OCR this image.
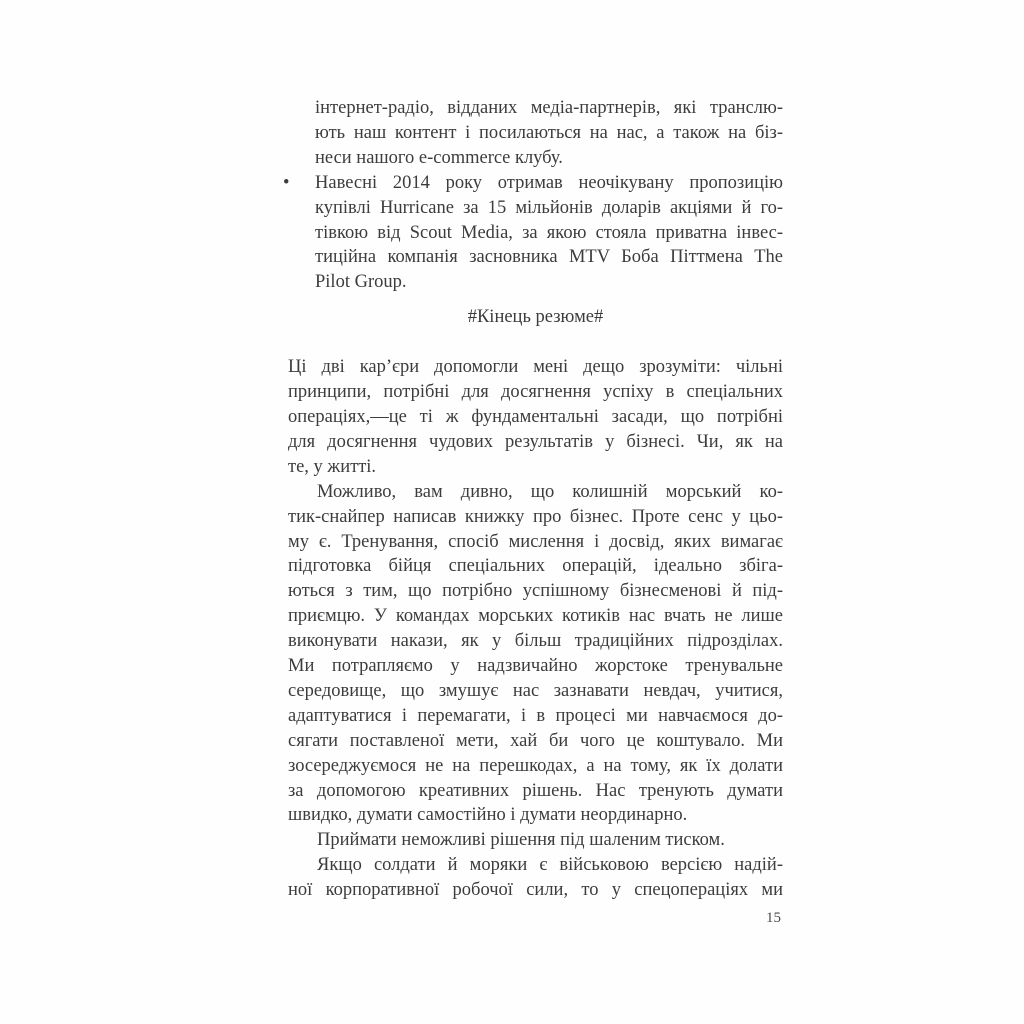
інтернет-радіо, відданих медіа-партнерів, які транслю-
ють наш контент і посилаються на нас, а також на біз-
неси нашого e-commerce клубу.
•	Навесні 2014 року отримав неочікувану пропозицію
купівлі Hurricane за 15 мільйонів доларів акціями й го-
тівкою від Scout Media, за якою стояла приватна інвес-
тиційна компанія засновника MTV Боба Піттмена The
Pilot Group.
#Кінець резюме#
Ці дві кар’єри допомогли мені дещо зрозуміти: чільні
принципи, потрібні для досягнення успіху в спеціальних
операціях,—це ті ж фундаментальні засади, що потрібні
для досягнення чудових результатів у бізнесі. Чи, як на
те, у житті.
Можливо, вам дивно, що колишній морський ко-
тик-снайпер написав книжку про бізнес. Проте сенс у цьо-
му є. Тренування, спосіб мислення і досвід, яких вимагає
підготовка бійця спеціальних операцій, ідеально збіга-
ються з тим, що потрібно успішному бізнесменові й під-
приємцю. У командах морських котиків нас вчать не лише
виконувати накази, як у більш традиційних підрозділах.
Ми потрапляємо у надзвичайно жорстоке тренувальне
середовище, що змушує нас зазнавати невдач, учитися,
адаптуватися і перемагати, і в процесі ми навчаємося до-
сягати поставленої мети, хай би чого це коштувало. Ми
зосереджуємося не на перешкодах, а на тому, як їх долати
за допомогою креативних рішень. Нас тренують думати
швидко, думати самостійно і думати неординарно.
Приймати неможливі рішення під шаленим тиском.
Якщо солдати й моряки є військовою версією надій-
ної корпоративної робочої сили, то у спецопераціях ми
15
